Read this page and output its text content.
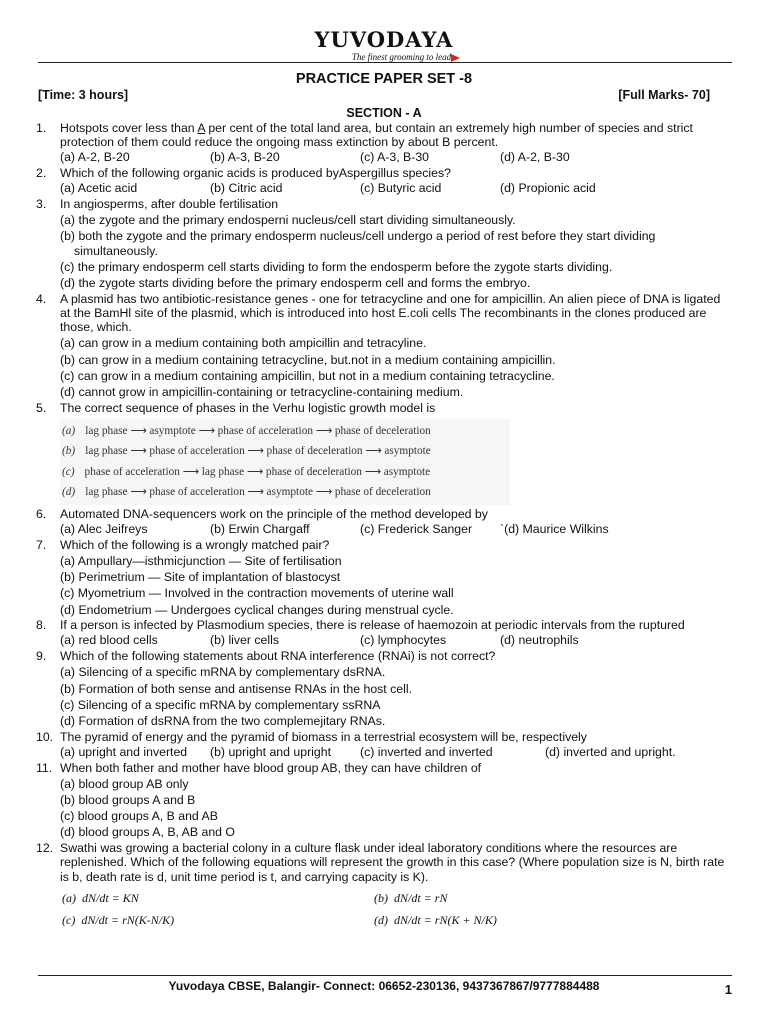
YUVODAYA
The finest grooming to lead
PRACTICE PAPER SET -8
[Time: 3 hours]	[Full Marks- 70]
SECTION - A
1. Hotspots cover less than A per cent of the total land area, but contain an extremely high number of species and strict protection of them could reduce the ongoing mass extinction by about B percent.
(a) A-2, B-20	(b) A-3, B-20	(c) A-3, B-30	(d) A-2, B-30
2. Which of the following organic acids is produced byAspergillus species?
(a) Acetic acid	(b) Citric acid	(c) Butyric acid	(d) Propionic acid
3. In angiosperms, after double fertilisation
(a) the zygote and the primary endosperni nucleus/cell start dividing simultaneously.
(b) both the zygote and the primary endosperm nucleus/cell undergo a period of rest before they start dividing simultaneously.
(c) the primary endosperm cell starts dividing to form the endosperm before the zygote starts dividing.
(d) the zygote starts dividing before the primary endosperm cell and forms the embryo.
4. A plasmid has two antibiotic-resistance genes - one for tetracycline and one for ampicillin. An alien piece of DNA is ligated at the BamHl site of the plasmid, which is introduced into host E.coli cells The recombinants in the clones produced are those, which.
(a) can grow in a medium containing both ampicillin and tetracyline.
(b) can grow in a medium containing tetracycline, but.not in a medium containing ampicillin.
(c) can grow in a medium containing ampicillin, but not in a medium containing tetracycline.
(d) cannot grow in ampicillin-containing or tetracycline-containing medium.
5. The correct sequence of phases in the Verhu logistic growth model is
(a) lag phase ⟶ asymptote ⟶ phase of acceleration ⟶ phase of deceleration
(b) lag phase ⟶ phase of acceleration ⟶ phase of deceleration ⟶ asymptote
(c) phase of acceleration ⟶ lag phase ⟶ phase of deceleration ⟶ asymptote
(d) lag phase ⟶ phase of acceleration ⟶ asymptote ⟶ phase of deceleration
6. Automated DNA-sequencers work on the principle of the method developed by
(a) Alec Jeifreys	(b) Erwin Chargaff	(c) Frederick Sanger	`(d) Maurice Wilkins
7. Which of the following is a wrongly matched pair?
(a) Ampullary—isthmicjunction — Site of fertilisation
(b) Perimetrium — Site of implantation of blastocyst
(c) Myometrium — Involved in the contraction movements of uterine wall
(d) Endometrium — Undergoes cyclical changes during menstrual cycle.
8. If a person is infected by Plasmodium species, there is release of haemozoin at periodic intervals from the ruptured
(a) red blood cells	(b) liver cells	(c) lymphocytes	(d) neutrophils
9. Which of the following statements about RNA interference (RNAi) is not correct?
(a) Silencing of a specific mRNA by complementary dsRNA.
(b) Formation of both sense and antisense RNAs in the host cell.
(c) Silencing of a specific mRNA by complementary ssRNA
(d) Formation of dsRNA from the two complemejitary RNAs.
10. The pyramid of energy and the pyramid of biomass in a terrestrial ecosystem will be, respectively
(a) upright and inverted	(b) upright and upright	(c) inverted and inverted	(d) inverted and upright.
11. When both father and mother have blood group AB, they can have children of
(a) blood group AB only
(b) blood groups A and B
(c) blood groups A, B and AB
(d) blood groups A, B, AB and O
12. Swathi was growing a bacterial colony in a culture flask under ideal laboratory conditions where the resources are replenished. Which of the following equations will represent the growth in this case? (Where population size is N, birth rate is b, death rate is d, unit time period is t, and carrying capacity is K).
(a) dN/dt = KN	(b) dN/dt = rN
(c) dN/dt = rN(K-N/K)	(d) dN/dt = rN(K + N/K)
Yuvodaya CBSE, Balangir- Connect: 06652-230136, 9437367867/9777884488	1
